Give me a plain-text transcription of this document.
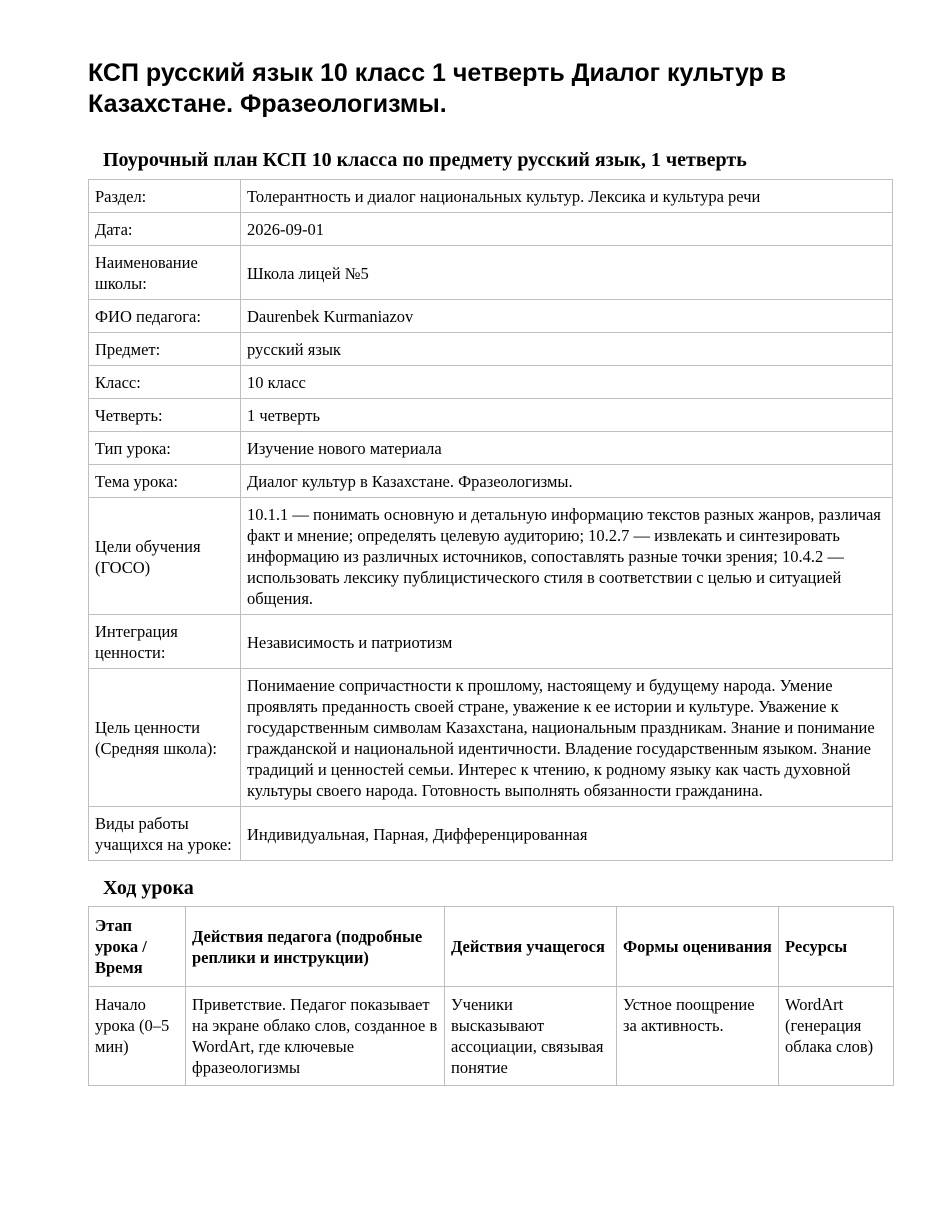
КСП русский язык 10 класс 1 четверть Диалог культур в Казахстане. Фразеологизмы.
Поурочный план КСП 10 класса по предмету русский язык, 1 четверть
Раздел:	Толерантность и диалог национальных культур. Лексика и культура речи
Дата:	2026-09-01
Наименование школы:	Школа лицей №5
ФИО педагога:	Daurenbek Kurmaniazov
Предмет:	русский язык
Класс:	10 класс
Четверть:	1 четверть
Тип урока:	Изучение нового материала
Тема урока:	Диалог культур в Казахстане. Фразеологизмы.
Цели обучения (ГОСО)	10.1.1 — понимать основную и детальную информацию текстов разных жанров, различая факт и мнение; определять целевую аудиторию; 10.2.7 — извлекать и синтезировать информацию из различных источников, сопоставлять разные точки зрения; 10.4.2 — использовать лексику публицистического стиля в соответствии с целью и ситуацией общения.
Интеграция ценности:	Независимость и патриотизм
Цель ценности (Средняя школа):	Понимаение сопричастности к прошлому, настоящему и будущему народа. Умение проявлять преданность своей стране, уважение к ее истории и культуре. Уважение к государственным символам Казахстана, национальным праздникам. Знание и понимание гражданской и национальной идентичности. Владение государственным языком. Знание традиций и ценностей семьи. Интерес к чтению, к родному языку как часть духовной культуры своего народа. Готовность выполнять обязанности гражданина.
Виды работы учащихся на уроке:	Индивидуальная, Парная, Дифференцированная
Ход урока
Этап урока / Время	Действия педагога (подробные реплики и инструкции)	Действия учащегося	Формы оценивания	Ресурсы

Начало урока (0–5 мин)	Приветствие. Педагог показывает на экране облако слов, созданное в WordArt, где ключевые фразеологизмы	Ученики высказывают ассоциации, связывая понятие	Устное поощрение за активность.	WordArt (генерация облака слов)
